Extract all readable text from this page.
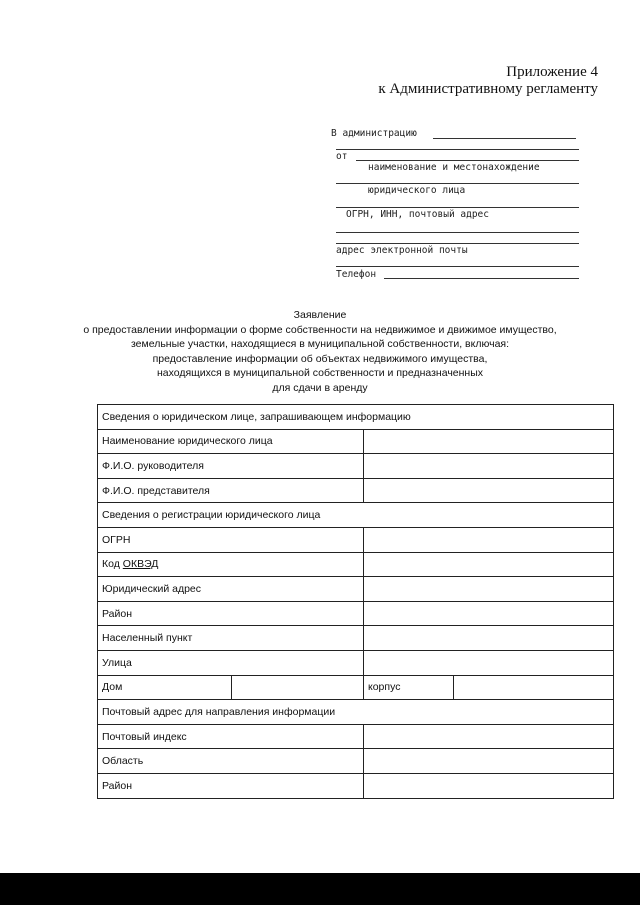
Приложение 4
к Административному регламенту
В администрацию
от
наименование и местонахождение
юридического лица
ОГРН, ИНН, почтовый адрес
адрес электронной почты
Телефон
Заявление
о предоставлении информации о форме собственности на недвижимое и движимое имущество,
земельные участки, находящиеся в муниципальной собственности, включая:
предоставление информации об объектах недвижимого имущества,
находящихся в муниципальной собственности и предназначенных
для сдачи в аренду
Сведения о юридическом лице, запрашивающем информацию			
Наименование юридического лица			
Ф.И.О. руководителя			
Ф.И.О. представителя			
Сведения о регистрации юридического лица			
ОГРН			
Код ОКВЭД			
Юридический адрес			
Район			
Населенный пункт			
Улица			
Дом		корпус	
Почтовый адрес для направления информации			
Почтовый индекс			
Область			
Район			
